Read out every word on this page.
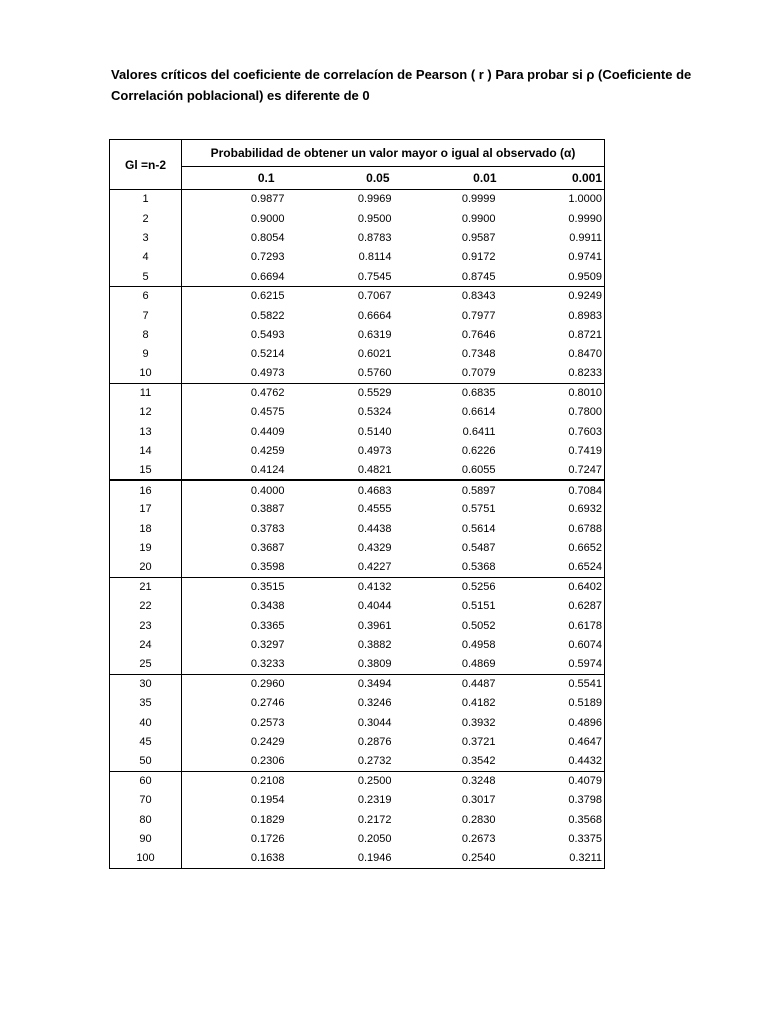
Valores críticos del coeficiente de correlacíon de Pearson ( r ) Para probar si ρ (Coeficiente de Correlación poblacional) es diferente de 0

Gl =n-2	Probabilidad de obtener un valor mayor o igual al observado (α)			
	0.1	0.05	0.01	0.001
1	0.9877	0.9969	0.9999	1.0000
2	0.9000	0.9500	0.9900	0.9990
3	0.8054	0.8783	0.9587	0.9911
4	0.7293	0.8114	0.9172	0.9741
5	0.6694	0.7545	0.8745	0.9509
6	0.6215	0.7067	0.8343	0.9249
7	0.5822	0.6664	0.7977	0.8983
8	0.5493	0.6319	0.7646	0.8721
9	0.5214	0.6021	0.7348	0.8470
10	0.4973	0.5760	0.7079	0.8233
11	0.4762	0.5529	0.6835	0.8010
12	0.4575	0.5324	0.6614	0.7800
13	0.4409	0.5140	0.6411	0.7603
14	0.4259	0.4973	0.6226	0.7419
15	0.4124	0.4821	0.6055	0.7247
16	0.4000	0.4683	0.5897	0.7084
17	0.3887	0.4555	0.5751	0.6932
18	0.3783	0.4438	0.5614	0.6788
19	0.3687	0.4329	0.5487	0.6652
20	0.3598	0.4227	0.5368	0.6524
21	0.3515	0.4132	0.5256	0.6402
22	0.3438	0.4044	0.5151	0.6287
23	0.3365	0.3961	0.5052	0.6178
24	0.3297	0.3882	0.4958	0.6074
25	0.3233	0.3809	0.4869	0.5974
30	0.2960	0.3494	0.4487	0.5541
35	0.2746	0.3246	0.4182	0.5189
40	0.2573	0.3044	0.3932	0.4896
45	0.2429	0.2876	0.3721	0.4647
50	0.2306	0.2732	0.3542	0.4432
60	0.2108	0.2500	0.3248	0.4079
70	0.1954	0.2319	0.3017	0.3798
80	0.1829	0.2172	0.2830	0.3568
90	0.1726	0.2050	0.2673	0.3375
100	0.1638	0.1946	0.2540	0.3211
